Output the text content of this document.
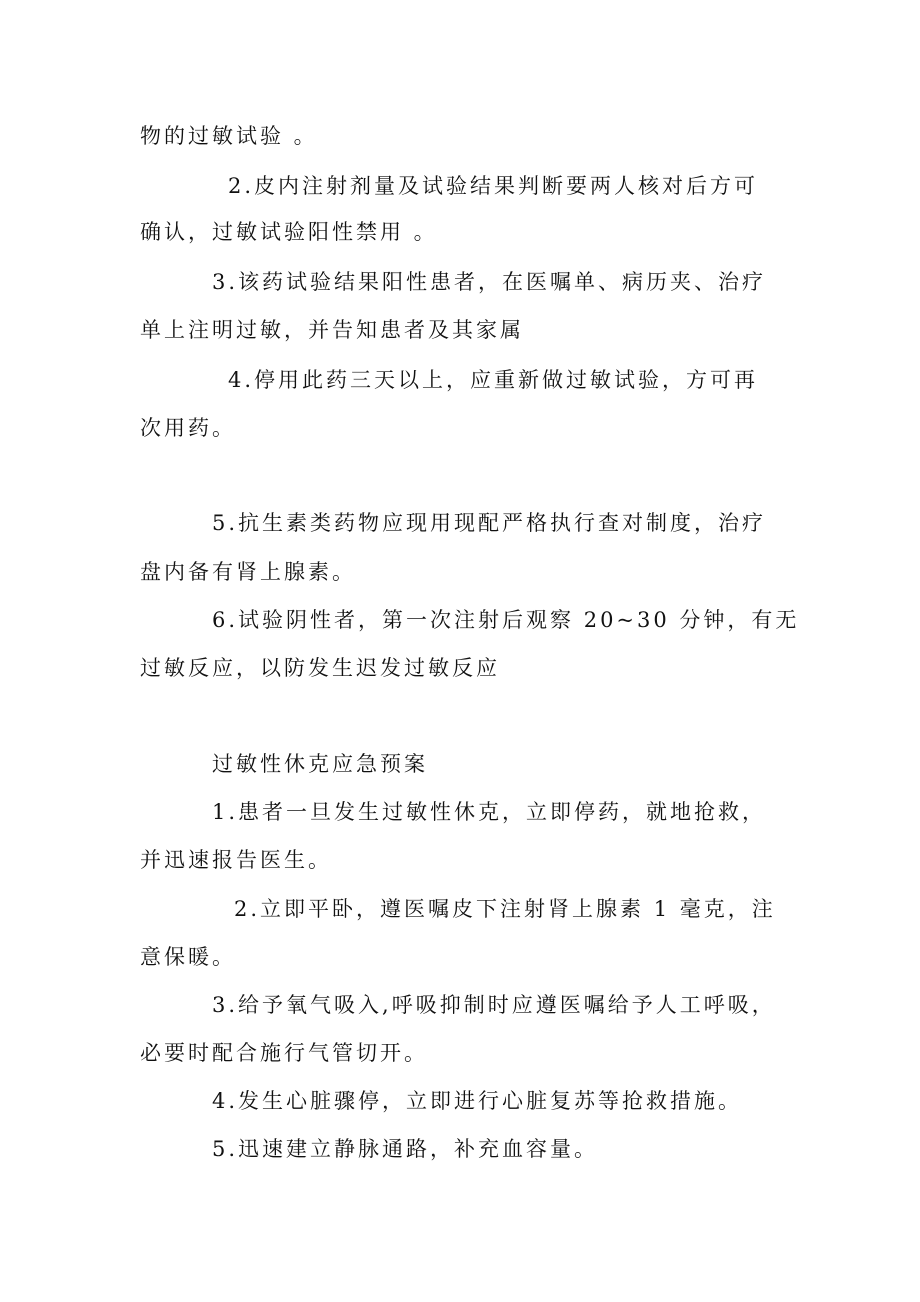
物的过敏试验 。
2.皮内注射剂量及试验结果判断要两人核对后方可
确认，过敏试验阳性禁用 。
3.该药试验结果阳性患者，在医嘱单、病历夹、治疗
单上注明过敏，并告知患者及其家属
4.停用此药三天以上，应重新做过敏试验，方可再
次用药。
5.抗生素类药物应现用现配严格执行查对制度，治疗
盘内备有肾上腺素。
6.试验阴性者，第一次注射后观察 20~30 分钟，有无
过敏反应，以防发生迟发过敏反应
过敏性休克应急预案
1.患者一旦发生过敏性休克，立即停药，就地抢救，
并迅速报告医生。
2.立即平卧，遵医嘱皮下注射肾上腺素 1 毫克，注
意保暖。
3.给予氧气吸入,呼吸抑制时应遵医嘱给予人工呼吸，
必要时配合施行气管切开。
4.发生心脏骤停，立即进行心脏复苏等抢救措施。
5.迅速建立静脉通路，补充血容量。
